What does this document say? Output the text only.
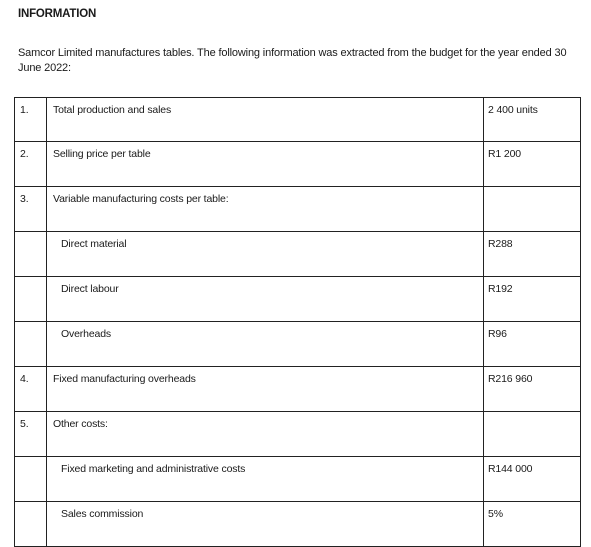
INFORMATION
Samcor Limited manufactures tables. The following information was extracted from the budget for the year ended 30 June 2022:
1.	Total production and sales	2 400 units
2.	Selling price per table	R1 200
3.	Variable manufacturing costs per table:	
	Direct material	R288
	Direct labour	R192
	Overheads	R96
4.	Fixed manufacturing overheads	R216 960
5.	Other costs:	
	Fixed marketing and administrative costs	R144 000
	Sales commission	5%
